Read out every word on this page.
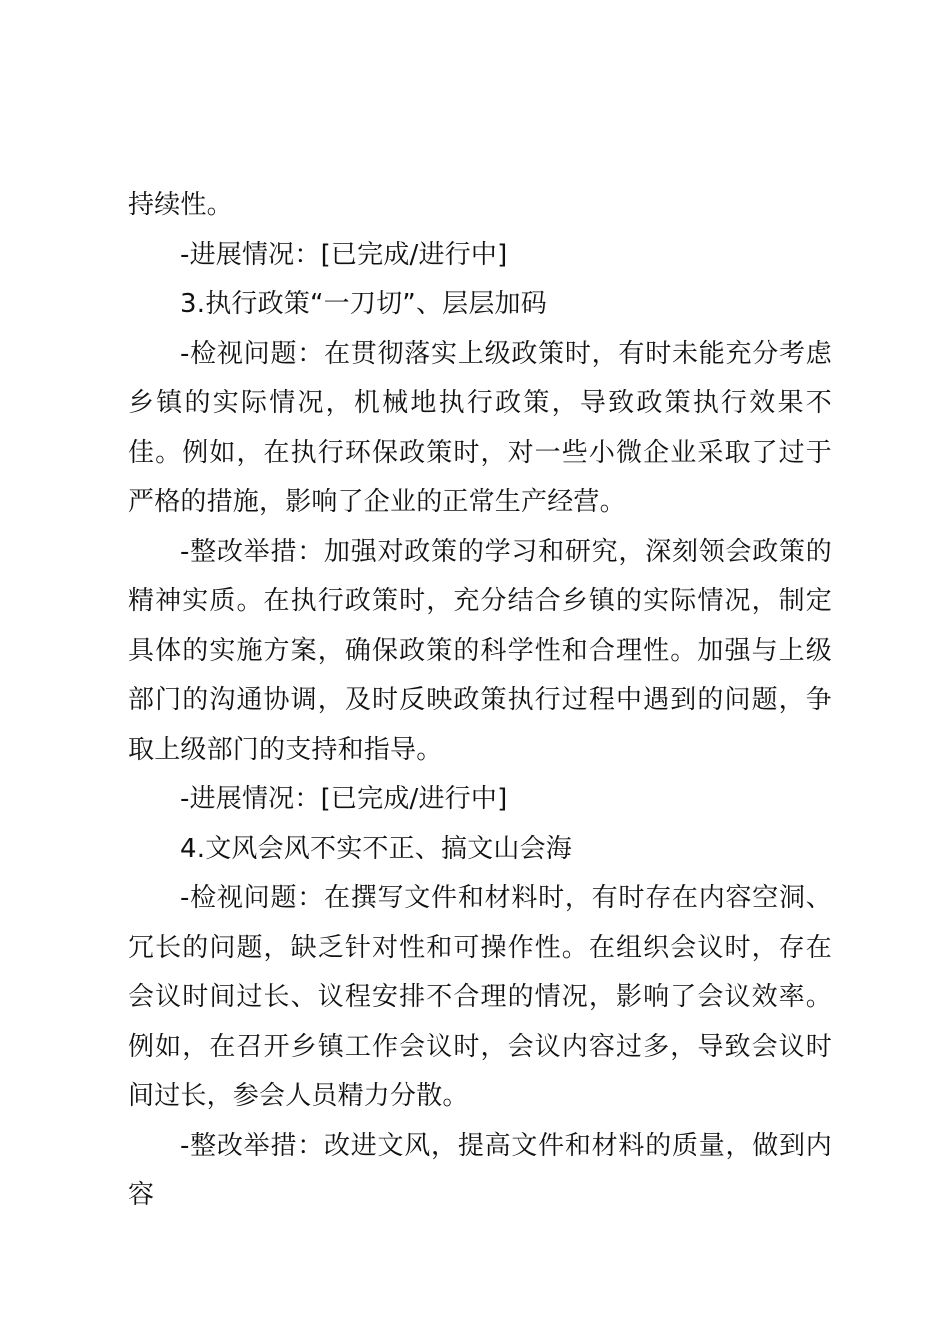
持续性。

-进展情况：[已完成/进行中]

3.执行政策“一刀切”、层层加码

-检视问题：在贯彻落实上级政策时，有时未能充分考虑乡镇的实际情况，机械地执行政策，导致政策执行效果不佳。例如，在执行环保政策时，对一些小微企业采取了过于严格的措施，影响了企业的正常生产经营。

-整改举措：加强对政策的学习和研究，深刻领会政策的精神实质。在执行政策时，充分结合乡镇的实际情况，制定具体的实施方案，确保政策的科学性和合理性。加强与上级部门的沟通协调，及时反映政策执行过程中遇到的问题，争取上级部门的支持和指导。

-进展情况：[已完成/进行中]

4.文风会风不实不正、搞文山会海

-检视问题：在撰写文件和材料时，有时存在内容空洞、冗长的问题，缺乏针对性和可操作性。在组织会议时，存在会议时间过长、议程安排不合理的情况，影响了会议效率。例如，在召开乡镇工作会议时，会议内容过多，导致会议时间过长，参会人员精力分散。

-整改举措：改进文风，提高文件和材料的质量，做到内容
